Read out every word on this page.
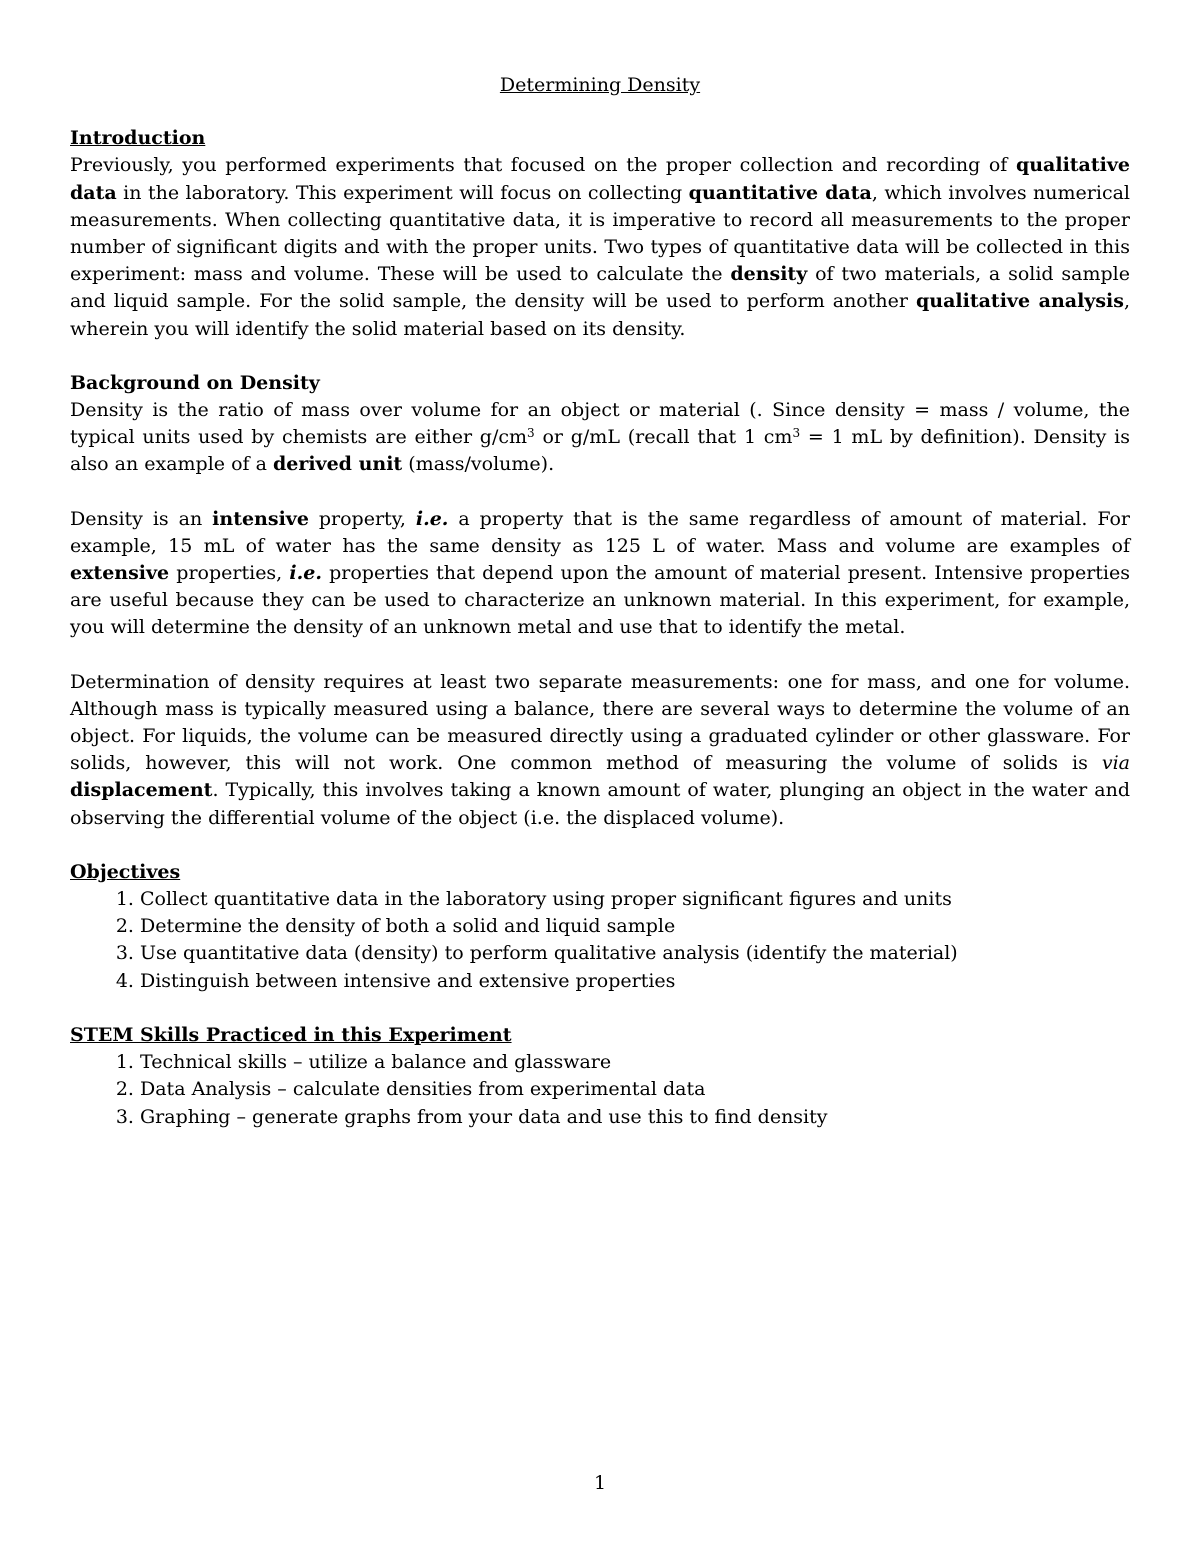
Determining Density
Introduction

Previously, you performed experiments that focused on the proper collection and recording of qualitative data in the laboratory. This experiment will focus on collecting quantitative data, which involves numerical measurements. When collecting quantitative data, it is imperative to record all measurements to the proper number of significant digits and with the proper units. Two types of quantitative data will be collected in this experiment: mass and volume. These will be used to calculate the density of two materials, a solid sample and liquid sample. For the solid sample, the density will be used to perform another qualitative analysis, wherein you will identify the solid material based on its density.

Background on Density

Density is the ratio of mass over volume for an object or material (. Since density = mass / volume, the typical units used by chemists are either $g/cm^3$ or g/mL (recall that 1 $cm^3 = 1$ mL by definition). Density is also an example of a derived unit (mass/volume).

Density is an intensive property, i.e. a property that is the same regardless of amount of material. For example, 15 mL of water has the same density as 125 L of water. Mass and volume are examples of extensive properties, i.e. properties that depend upon the amount of material present. Intensive properties are useful because they can be used to characterize an unknown material. In this experiment, for example, you will determine the density of an unknown metal and use that to identify the metal.

Determination of density requires at least two separate measurements: one for mass, and one for volume. Although mass is typically measured using a balance, there are several ways to determine the volume of an object. For liquids, the volume can be measured directly using a graduated cylinder or other glassware. For solids, however, this will not work. One common method of measuring the volume of solids is via displacement. Typically, this involves taking a known amount of water, plunging an object in the water and observing the differential volume of the object (i.e. the displaced volume).

Objectives
1. Collect quantitative data in the laboratory using proper significant figures and units
2. Determine the density of both a solid and liquid sample
3. Use quantitative data (density) to perform qualitative analysis (identify the material)
4. Distinguish between intensive and extensive properties
STEM Skills Practiced in this Experiment
1. Technical skills – utilize a balance and glassware
2. Data Analysis – calculate densities from experimental data
3. Graphing – generate graphs from your data and use this to find density
1
